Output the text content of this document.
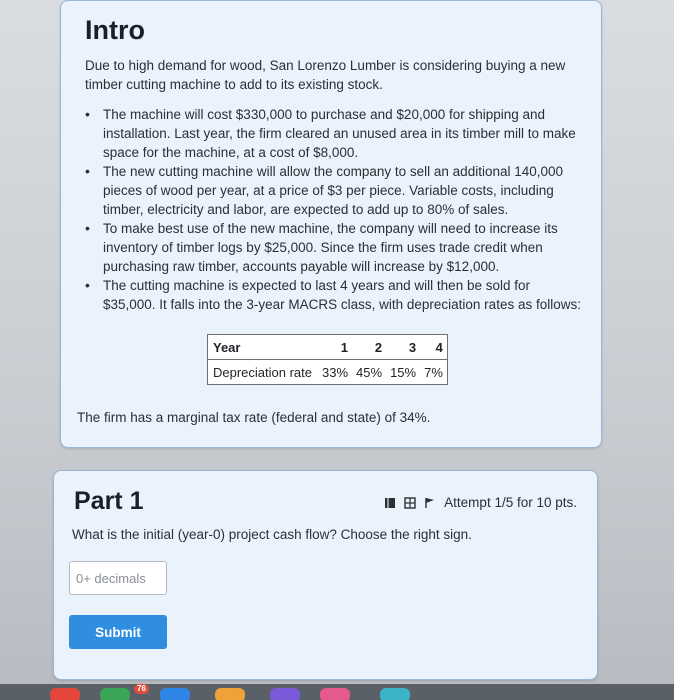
Intro

Due to high demand for wood, San Lorenzo Lumber is considering buying a new timber cutting machine to add to its existing stock.

• The machine will cost $330,000 to purchase and $20,000 for shipping and installation. Last year, the firm cleared an unused area in its timber mill to make space for the machine, at a cost of $8,000.
• The new cutting machine will allow the company to sell an additional 140,000 pieces of wood per year, at a price of $3 per piece. Variable costs, including timber, electricity and labor, are expected to add up to 80% of sales.
• To make best use of the new machine, the company will need to increase its inventory of timber logs by $25,000. Since the firm uses trade credit when purchasing raw timber, accounts payable will increase by $12,000.
• The cutting machine is expected to last 4 years and will then be sold for $35,000. It falls into the 3-year MACRS class, with depreciation rates as follows:
Year	1	2	3	4
Depreciation rate	33%	45%	15%	7%

The firm has a marginal tax rate (federal and state) of 34%.

Part 1	Attempt 1/5 for 10 pts.

What is the initial (year-0) project cash flow? Choose the right sign.

0+ decimals
Submit
76
